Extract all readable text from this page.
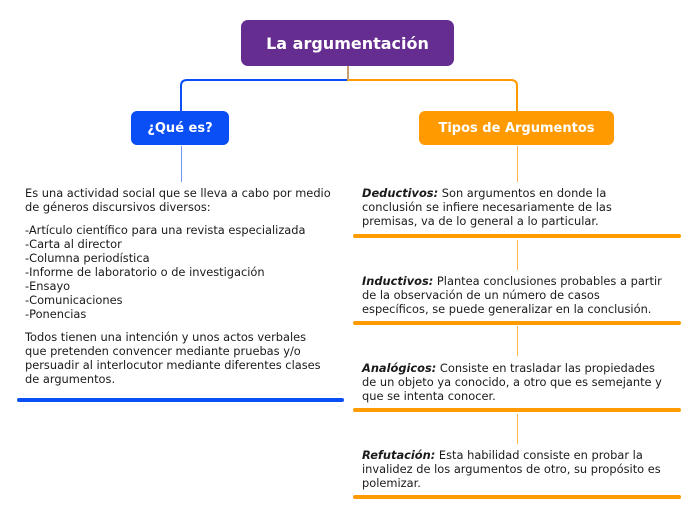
La argumentación
¿Qué es?	Tipos de Argumentos

Es una actividad social que se lleva a cabo por medio

de géneros discursivos diversos:

-Artículo científico para una revista especializada

-Carta al director

-Columna periodística

-Informe de laboratorio o de investigación

-Ensayo

-Comunicaciones

-Ponencias

Todos tienen una intención y unos actos verbales

que pretenden convencer mediante pruebas y/o

persuadir al interlocutor mediante diferentes clases

de argumentos.

Deductivos: Son argumentos en donde la

conclusión se infiere necesariamente de las

premisas, va de lo general a lo particular.

Inductivos: Plantea conclusiones probables a partir

de la observación de un número de casos

específicos, se puede generalizar en la conclusión.

Analógicos: Consiste en trasladar las propiedades

de un objeto ya conocido, a otro que es semejante y

que se intenta conocer.

Refutación: Esta habilidad consiste en probar la

invalidez de los argumentos de otro, su propósito es

polemizar.
